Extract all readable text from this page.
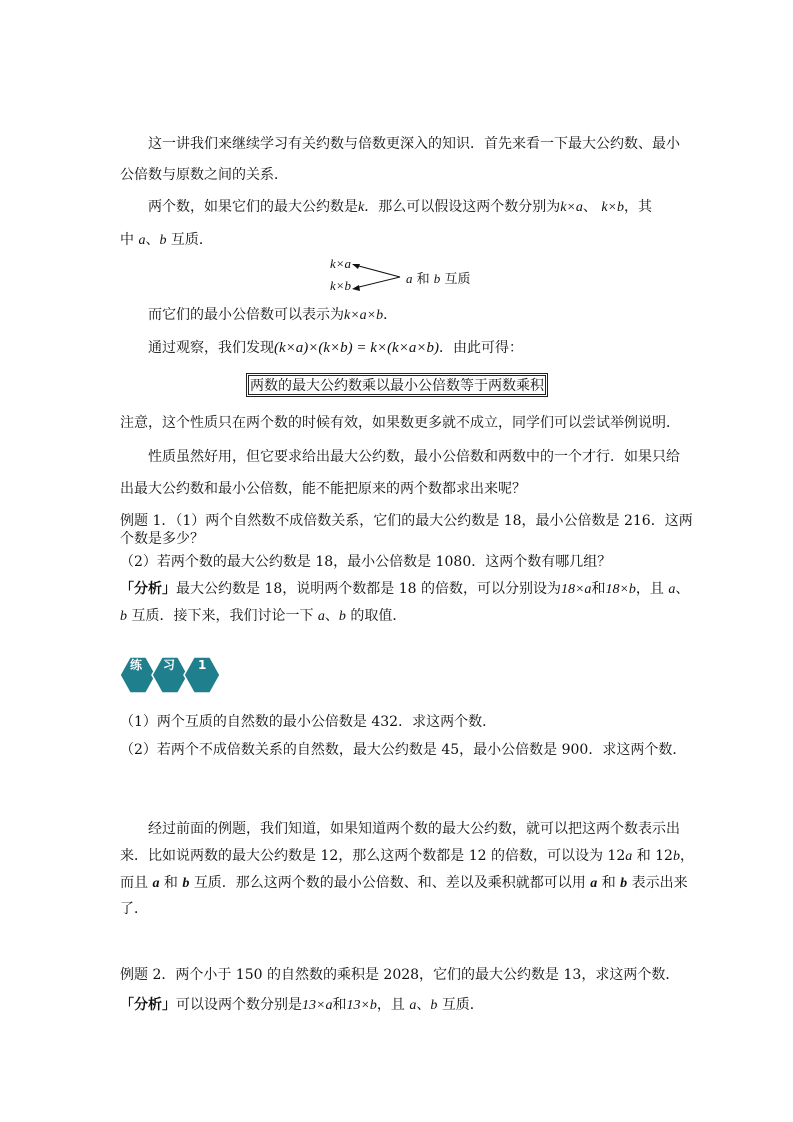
这一讲我们来继续学习有关约数与倍数更深入的知识．首先来看一下最大公约数、最小
公倍数与原数之间的关系．
两个数，如果它们的最大公约数是k．那么可以假设这两个数分别为k×a、 k×b，其
中 a、b 互质．
k×a
k×b	a 和 b 互质
而它们的最小公倍数可以表示为k×a×b．
通过观察，我们发现(k×a)×(k×b) = k×(k×a×b)．由此可得：
两数的最大公约数乘以最小公倍数等于两数乘积
注意，这个性质只在两个数的时候有效，如果数更多就不成立，同学们可以尝试举例说明．
性质虽然好用，但它要求给出最大公约数，最小公倍数和两数中的一个才行．如果只给
出最大公约数和最小公倍数，能不能把原来的两个数都求出来呢？
例题 1．（1）两个自然数不成倍数关系，它们的最大公约数是 18，最小公倍数是 216．这两
个数是多少？
（2）若两个数的最大公约数是 18，最小公倍数是 1080．这两个数有哪几组？
「分析」最大公约数是 18，说明两个数都是 18 的倍数，可以分别设为18×a和18×b，且 a、
b 互质．接下来，我们讨论一下 a、b 的取值．
练 习 1
（1）两个互质的自然数的最小公倍数是 432．求这两个数．
（2）若两个不成倍数关系的自然数，最大公约数是 45，最小公倍数是 900．求这两个数．
经过前面的例题，我们知道，如果知道两个数的最大公约数，就可以把这两个数表示出
来．比如说两数的最大公约数是 12，那么这两个数都是 12 的倍数，可以设为 12a 和 12b，
而且 a 和 b 互质．那么这两个数的最小公倍数、和、差以及乘积就都可以用 a 和 b 表示出来
了．
例题 2．两个小于 150 的自然数的乘积是 2028，它们的最大公约数是 13，求这两个数．
「分析」可以设两个数分别是13×a和13×b，且 a、b 互质．
